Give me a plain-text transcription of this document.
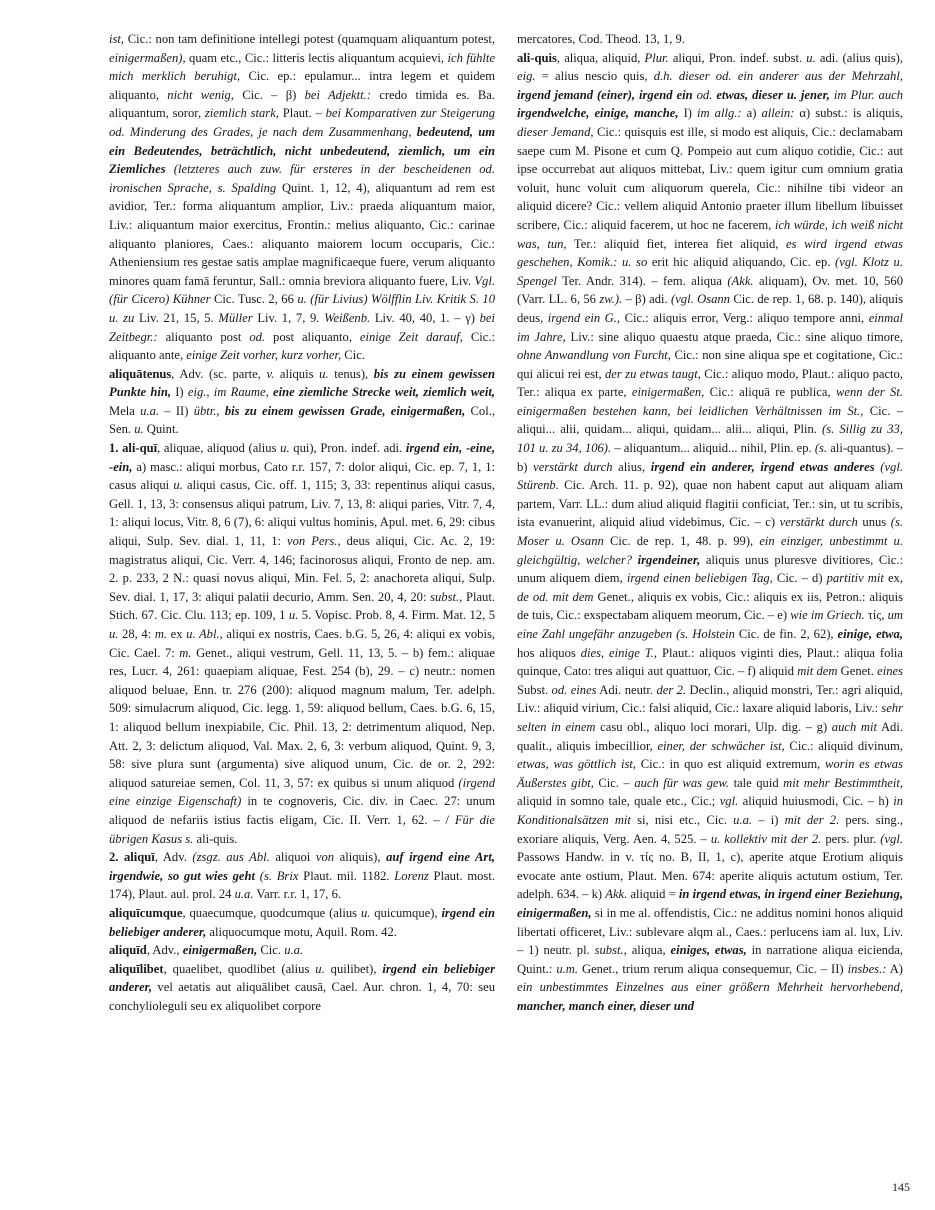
ist, Cic.: non tam definitione intellegi potest (quamquam aliquantum potest, einigermaßen), quam etc., Cic.: litteris lectis aliquantum acquievi, ich fühlte mich merklich beruhigt, Cic. ep.: epulamur... intra legem et quidem aliquanto, nicht wenig, Cic. – β) bei Adjektt.: credo timida es. Ba. aliquantum, soror, ziemlich stark, Plaut. – bei Komparativen zur Steigerung od. Minderung des Grades, je nach dem Zusammenhang, bedeutend, um ein Bedeutendes, beträchtlich, nicht unbedeutend, ziemlich, um ein Ziemliches (letzteres auch zuw. für ersteres in der bescheidenen od. ironischen Sprache, s. Spalding Quint. 1, 12, 4), aliquantum ad rem est avidior, Ter.: forma aliquantum amplior, Liv.: praeda aliquantum maior, Liv.: aliquantum maior exercitus, Frontin.: melius aliquanto, Cic.: carinae aliquanto planiores, Caes.: aliquanto maiorem locum occuparis, Cic.: Atheniensium res gestae satis amplae magnificaeque fuere, verum aliquanto minores quam famā feruntur, Sall.: omnia breviora aliquanto fuere, Liv. Vgl. (für Cicero) Kühner Cic. Tusc. 2, 66 u. (für Livius) Wölfflin Liv. Kritik S. 10 u. zu Liv. 21, 15, 5. Müller Liv. 1, 7, 9. Weißenb. Liv. 40, 40, 1. – γ) bei Zeitbegr.: aliquanto post od. post aliquanto, einige Zeit darauf, Cic.: aliquanto ante, einige Zeit vorher, kurz vorher, Cic.

aliquātenus, Adv. (sc. parte, v. aliquis u. tenus), bis zu einem gewissen Punkte hin, I) eig., im Raume, eine ziemliche Strecke weit, ziemlich weit, Mela u.a. – II) übtr., bis zu einem gewissen Grade, einigermaßen, Col., Sen. u. Quint.

1. ali-quī, aliquae, aliquod (alius u. qui), Pron. indef. adi. irgend ein, -eine, -ein, a) masc.: aliqui morbus, Cato r.r. 157, 7: dolor aliqui, Cic. ep. 7, 1, 1: casus aliqui u. aliqui casus, Cic. off. 1, 115; 3, 33: repentinus aliqui casus, Gell. 1, 13, 3: consensus aliqui patrum, Liv. 7, 13, 8: aliqui paries, Vitr. 7, 4, 1: aliqui locus, Vitr. 8, 6 (7), 6: aliqui vultus hominis, Apul. met. 6, 29: cibus aliqui, Sulp. Sev. dial. 1, 11, 1: von Pers., deus aliqui, Cic. Ac. 2, 19: magistratus aliqui, Cic. Verr. 4, 146; facinorosus aliqui, Fronto de nep. am. 2. p. 233, 2 N.: quasi novus aliqui, Min. Fel. 5, 2: anachoreta aliqui, Sulp. Sev. dial. 1, 17, 3: aliqui palatii decurio, Amm. Sen. 20, 4, 20: subst., Plaut. Stich. 67. Cic. Clu. 113; ep. 109, 1 u. 5. Vopisc. Prob. 8, 4. Firm. Mat. 12, 5 u. 28, 4: m. ex u. Abl., aliqui ex nostris, Caes. b.G. 5, 26, 4: aliqui ex vobis, Cic. Cael. 7: m. Genet., aliqui vestrum, Gell. 11, 13, 5. – b) fem.: aliquae res, Lucr. 4, 261: quaepiam aliquae, Fest. 254 (b), 29. – c) neutr.: nomen aliquod beluae, Enn. tr. 276 (200): aliquod magnum malum, Ter. adelph. 509: simulacrum aliquod, Cic. legg. 1, 59: aliquod bellum, Caes. b.G. 6, 15, 1: aliquod bellum inexpiabile, Cic. Phil. 13, 2: detrimentum aliquod, Nep. Att. 2, 3: delictum aliquod, Val. Max. 2, 6, 3: verbum aliquod, Quint. 9, 3, 58: sive plura sunt (argumenta) sive aliquod unum, Cic. de or. 2, 292: aliquod satureiae semen, Col. 11, 3, 57: ex quibus si unum aliquod (irgend eine einzige Eigenschaft) in te cognoveris, Cic. div. in Caec. 27: unum aliquod de nefariis istius factis eligam, Cic. II. Verr. 1, 62. – / Für die übrigen Kasus s. ali-quis.

2. aliquī, Adv. (zsgz. aus Abl. aliquoi von aliquis), auf irgend eine Art, irgendwie, so gut wies geht (s. Brix Plaut. mil. 1182. Lorenz Plaut. most. 174), Plaut. aul. prol. 24 u.a. Varr. r.r. 1, 17, 6.

aliquīcumque, quaecumque, quodcumque (alius u. quicumque), irgend ein beliebiger anderer, aliquocumque motu, Aquil. Rom. 42.

aliquīd, Adv., einigermaßen, Cic. u.a.

aliquīlibet, quaelibet, quodlibet (alius u. quilibet), irgend ein beliebiger anderer, vel aetatis aut aliquālibet causā, Cael. Aur. chron. 1, 4, 70: seu conchylioleguli seu ex aliquolibet corpore

mercatores, Cod. Theod. 13, 1, 9.

ali-quis, aliqua, aliquid, Plur. aliqui, Pron. indef. subst. u. adi. (alius quis), eig. = alius nescio quis, d.h. dieser od. ein anderer aus der Mehrzahl, irgend jemand (einer), irgend ein od. etwas, dieser u. jener, im Plur. auch irgendwelche, einige, manche, I) im allg.: a) allein: α) subst.: is aliquis, dieser Jemand, Cic.: quisquis est ille, si modo est aliquis, Cic.: declamabam saepe cum M. Pisone et cum Q. Pompeio aut cum aliquo cotidie, Cic.: aut ipse occurrebat aut aliquos mittebat, Liv.: quem igitur cum omnium gratia voluit, hunc voluit cum aliquorum querela, Cic.: nihilne tibi videor an aliquid dicere? Cic.: vellem aliquid Antonio praeter illum libellum libuisset scribere, Cic.: aliquid facerem, ut hoc ne facerem, ich würde, ich weiß nicht was, tun, Ter.: aliquid fiet, interea fiet aliquid, es wird irgend etwas geschehen, Komik.: u. so erit hic aliquid aliquando, Cic. ep. (vgl. Klotz u. Spengel Ter. Andr. 314). – fem. aliqua (Akk. aliquam), Ov. met. 10, 560 (Varr. LL. 6, 56 zw.). – β) adi. (vgl. Osann Cic. de rep. 1, 68. p. 140), aliquis deus, irgend ein G., Cic.: aliquis error, Verg.: aliquo tempore anni, einmal im Jahre, Liv.: sine aliquo quaestu atque praeda, Cic.: sine aliquo timore, ohne Anwandlung von Furcht, Cic.: non sine aliqua spe et cogitatione, Cic.: qui alicui rei est, der zu etwas taugt, Cic.: aliquo modo, Plaut.: aliquo pacto, Ter.: aliqua ex parte, einigermaßen, Cic.: aliquā re publica, wenn der St. einigermaßen bestehen kann, bei leidlichen Verhältnissen im St., Cic. – aliqui... alii, quidam... aliqui, quidam... alii... aliqui, Plin. (s. Sillig zu 33, 101 u. zu 34, 106). – aliquantum... aliquid... nihil, Plin. ep. (s. ali-quantus). – b) verstärkt durch alius, irgend ein anderer, irgend etwas anderes (vgl. Stürenb. Cic. Arch. 11. p. 92), quae non habent caput aut aliquam aliam partem, Varr. LL.: dum aliud aliquid flagitii conficiat, Ter.: sin, ut tu scribis, ista evanuerint, aliquid aliud videbimus, Cic. – c) verstärkt durch unus (s. Moser u. Osann Cic. de rep. 1, 48. p. 99), ein einziger, unbestimmt u. gleichgültig, welcher? irgendeiner, aliquis unus pluresve divitiores, Cic.: unum aliquem diem, irgend einen beliebigen Tag, Cic. – d) partitiv mit ex, de od. mit dem Genet., aliquis ex vobis, Cic.: aliquis ex iis, Petron.: aliquis de tuis, Cic.: exspectabam aliquem meorum, Cic. – e) wie im Griech. τίς, um eine Zahl ungefähr anzugeben (s. Holstein Cic. de fin. 2, 62), einige, etwa, hos aliquos dies, einige T., Plaut.: aliquos viginti dies, Plaut.: aliqua folia quinque, Cato: tres aliqui aut quattuor, Cic. – f) aliquid mit dem Genet. eines Subst. od. eines Adi. neutr. der 2. Declin., aliquid monstri, Ter.: agri aliquid, Liv.: aliquid virium, Cic.: falsi aliquid, Cic.: laxare aliquid laboris, Liv.: sehr selten in einem casu obl., aliquo loci morari, Ulp. dig. – g) auch mit Adi. qualit., aliquis imbecillior, einer, der schwächer ist, Cic.: aliquid divinum, etwas, was göttlich ist, Cic.: in quo est aliquid extremum, worin es etwas Äußerstes gibt, Cic. – auch für was gew. tale quid mit mehr Bestimmtheit, aliquid in somno tale, quale etc., Cic.; vgl. aliquid huiusmodi, Cic. – h) in Konditionalsätzen mit si, nisi etc., Cic. u.a. – i) mit der 2. pers. sing., exoriare aliquis, Verg. Aen. 4, 525. – u. kollektiv mit der 2. pers. plur. (vgl. Passows Handw. in v. τίς no. B, II, 1, c), aperite atque Erotium aliquis evocate ante ostium, Plaut. Men. 674: aperite aliquis actutum ostium, Ter. adelph. 634. – k) Akk. aliquid = in irgend etwas, in irgend einer Beziehung, einigermaßen, si in me al. offendistis, Cic.: ne additus nomini honos aliquid libertati officeret, Liv.: sublevare alqm al., Caes.: perlucens iam al. lux, Liv. – 1) neutr. pl. subst., aliqua, einiges, etwas, in narratione aliqua eicienda, Quint.: u.m. Genet., trium rerum aliqua consequemur, Cic. – II) insbes.: A) ein unbestimmtes Einzelnes aus einer größern Mehrheit hervorhebend, mancher, manch einer, dieser und

145
